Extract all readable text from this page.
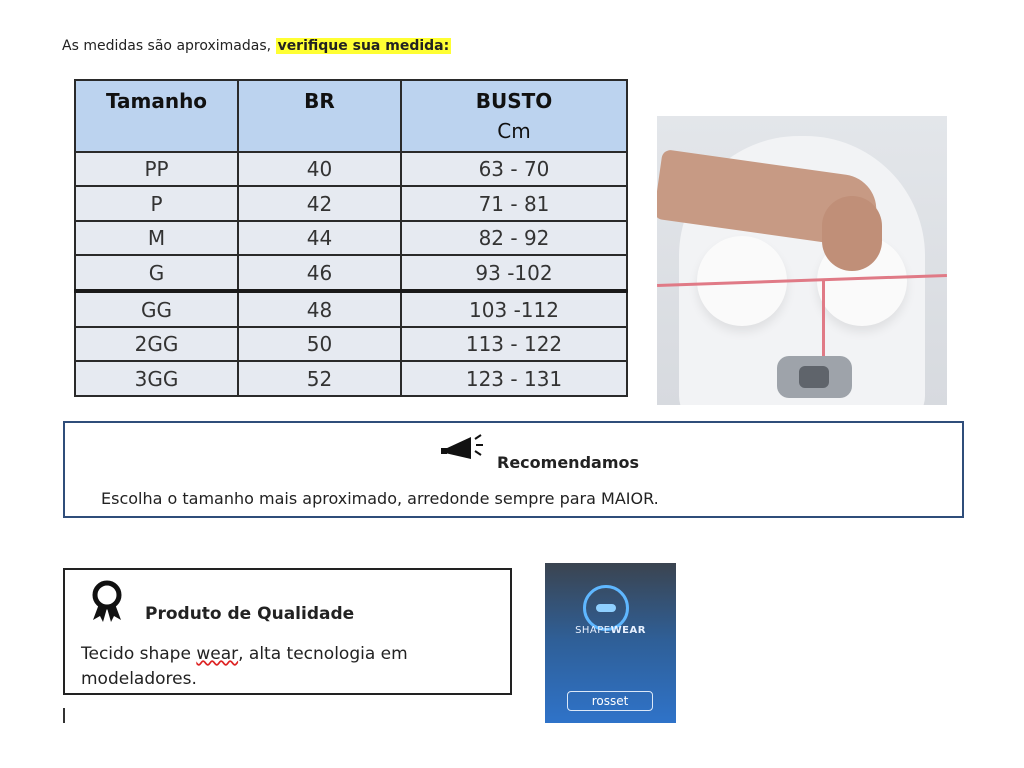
As medidas são aproximadas, verifique sua medida:
Tamanho	BR	BUSTO
Cm

PP	40	63 - 70
P	42	71 - 81
M	44	82 - 92
G	46	93 -102
GG	48	103 -112
2GG	50	113 - 122
3GG	52	123 - 131
Recomendamos
Escolha o tamanho mais aproximado, arredonde sempre para MAIOR.
Produto de Qualidade
Tecido shape wear, alta tecnologia em modeladores.
SHAPEWEAR
rosset
